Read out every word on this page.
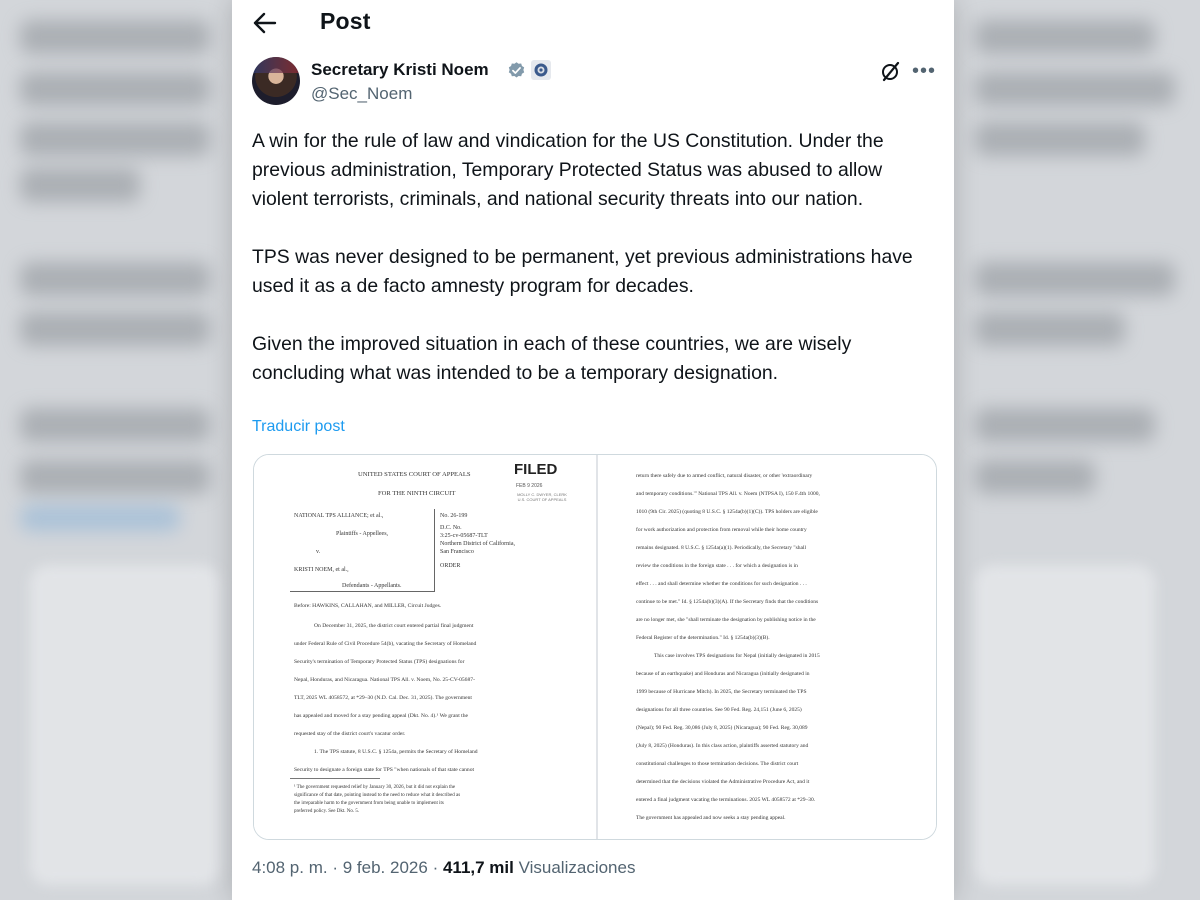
Post
Secretary Kristi Noem
@Sec_Noem
•••

A win for the rule of law and vindication for the US Constitution. Under the previous administration, Temporary Protected Status was abused to allow violent terrorists, criminals, and national security threats into our nation.

TPS was never designed to be permanent, yet previous administrations have used it as a de facto amnesty program for decades.

Given the improved situation in each of these countries, we are wisely concluding what was intended to be a temporary designation.

Traducir post
UNITED STATES COURT OF APPEALS
FOR THE NINTH CIRCUIT
FILED
FEB 9 2026
MOLLY C. DWYER, CLERK
U.S. COURT OF APPEALS
NATIONAL TPS ALLIANCE; et al.,
Plaintiffs - Appellees,
v.
KRISTI NOEM, et al.,
Defendants - Appellants.
No. 26-199
D.C. No.
3:25-cv-05687-TLT
Northern District of California,
San Francisco
ORDER
Before: HAWKINS, CALLAHAN, and MILLER, Circuit Judges.
On December 31, 2025, the district court entered partial final judgment
under Federal Rule of Civil Procedure 54(b), vacating the Secretary of Homeland
Security's termination of Temporary Protected Status (TPS) designations for
Nepal, Honduras, and Nicaragua. National TPS All. v. Noem, No. 25-CV-05687-
TLT, 2025 WL 4058572, at *29–30 (N.D. Cal. Dec. 31, 2025). The government
has appealed and moved for a stay pending appeal (Dkt. No. 4).¹ We grant the
requested stay of the district court's vacatur order.
1. The TPS statute, 8 U.S.C. § 1254a, permits the Secretary of Homeland
Security to designate a foreign state for TPS "when nationals of that state cannot
¹ The government requested relief by January 30, 2026, but it did not explain the
significance of that date, pointing instead to the need to reduce what it described as
the irreparable harm to the government from being unable to implement its
preferred policy. See Dkt. No. 5.
return there safely due to armed conflict, natural disaster, or other 'extraordinary
and temporary conditions.'" National TPS All. v. Noem (NTPSA I), 150 F.4th 1000,
1010 (9th Cir. 2025) (quoting 8 U.S.C. § 1254a(b)(1)(C)). TPS holders are eligible
for work authorization and protection from removal while their home country
remains designated. 8 U.S.C. § 1254a(a)(1). Periodically, the Secretary "shall
review the conditions in the foreign state . . . for which a designation is in
effect . . . and shall determine whether the conditions for such designation . . .
continue to be met." Id. § 1254a(b)(3)(A). If the Secretary finds that the conditions
are no longer met, she "shall terminate the designation by publishing notice in the
Federal Register of the determination." Id. § 1254a(b)(3)(B).
This case involves TPS designations for Nepal (initially designated in 2015
because of an earthquake) and Honduras and Nicaragua (initially designated in
1999 because of Hurricane Mitch). In 2025, the Secretary terminated the TPS
designations for all three countries. See 90 Fed. Reg. 24,151 (June 6, 2025)
(Nepal); 90 Fed. Reg. 30,086 (July 8, 2025) (Nicaragua); 90 Fed. Reg. 30,089
(July 8, 2025) (Honduras). In this class action, plaintiffs asserted statutory and
constitutional challenges to those termination decisions. The district court
determined that the decisions violated the Administrative Procedure Act, and it
entered a final judgment vacating the terminations. 2025 WL 4058572 at *29–30.
The government has appealed and now seeks a stay pending appeal.
4:08 p. m. · 9 feb. 2026 · 411,7 mil Visualizaciones
